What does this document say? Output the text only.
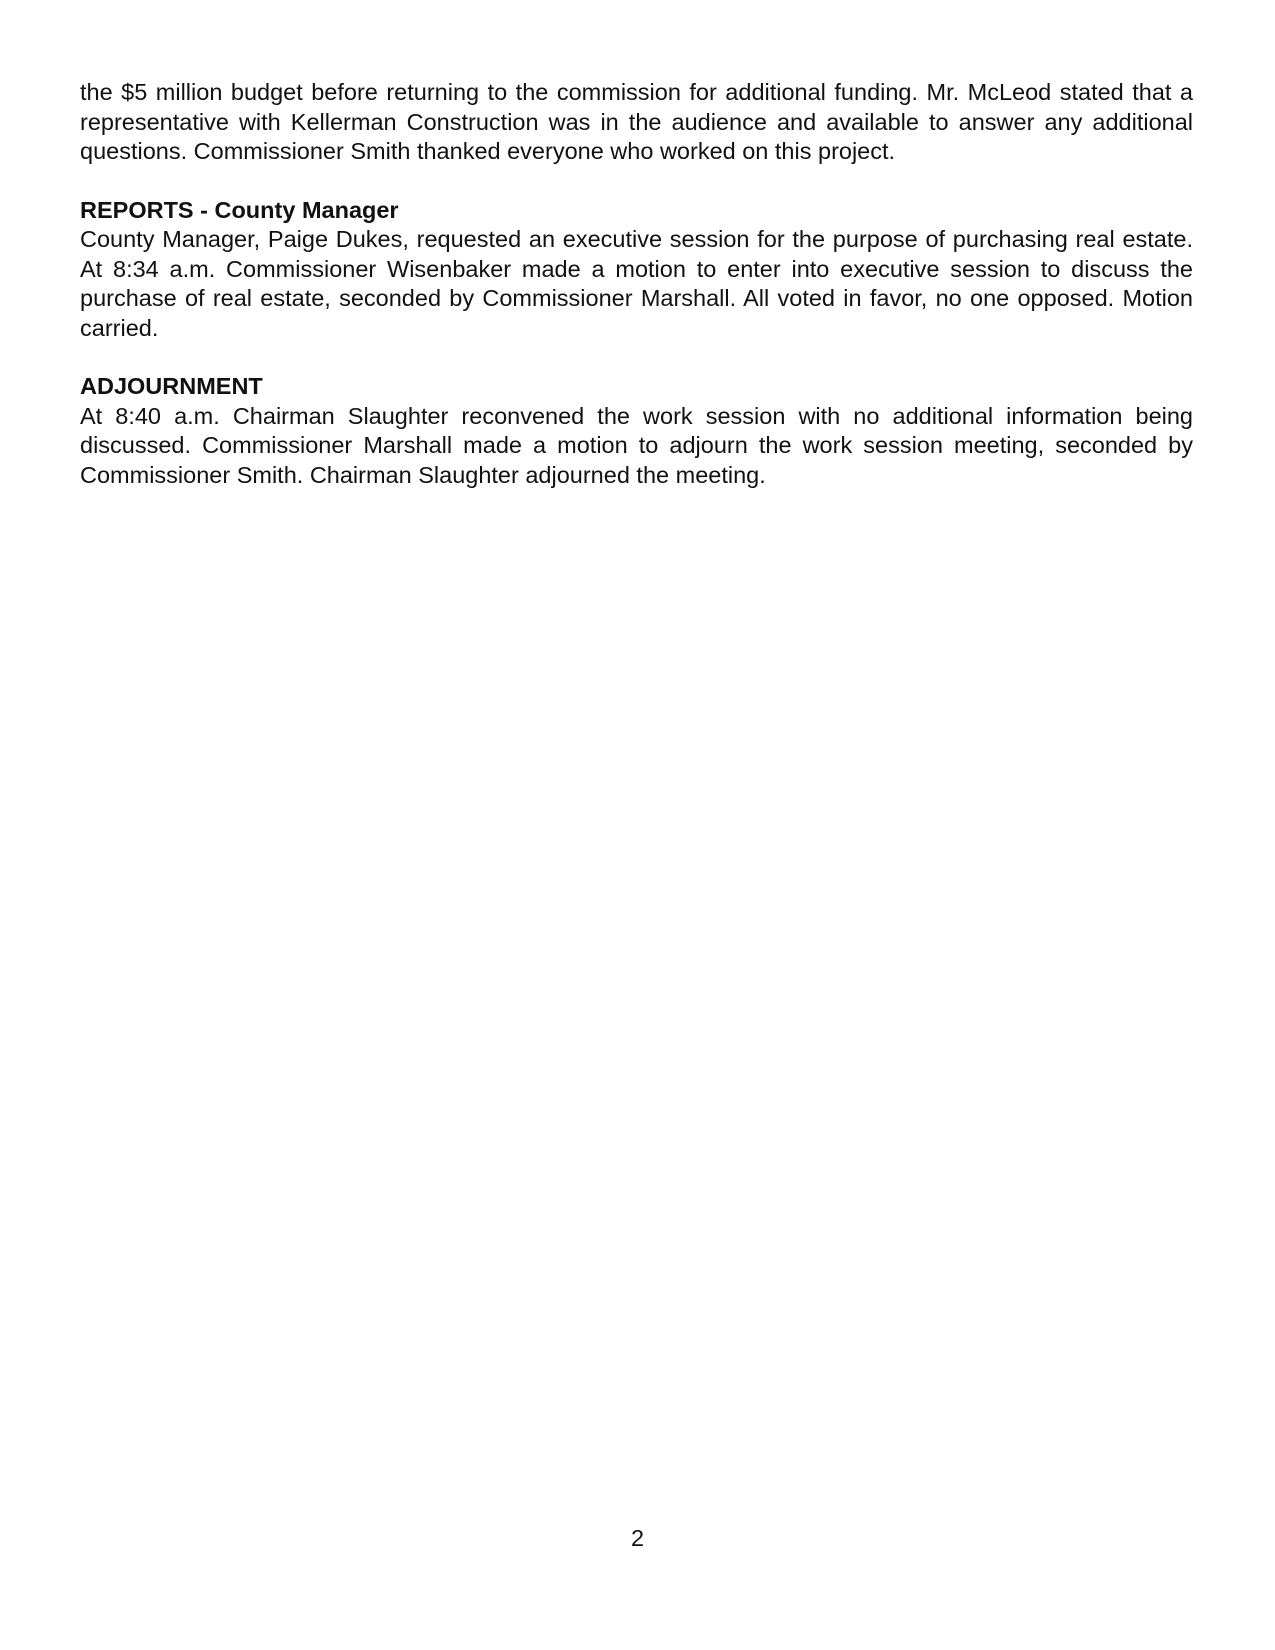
the $5 million budget before returning to the commission for additional funding. Mr. McLeod stated that a representative with Kellerman Construction was in the audience and available to answer any additional questions. Commissioner Smith thanked everyone who worked on this project.

REPORTS - County Manager

County Manager, Paige Dukes, requested an executive session for the purpose of purchasing real estate. At 8:34 a.m. Commissioner Wisenbaker made a motion to enter into executive session to discuss the purchase of real estate, seconded by Commissioner Marshall. All voted in favor, no one opposed. Motion carried.

ADJOURNMENT

At 8:40 a.m. Chairman Slaughter reconvened the work session with no additional information being discussed. Commissioner Marshall made a motion to adjourn the work session meeting, seconded by Commissioner Smith. Chairman Slaughter adjourned the meeting.

2
